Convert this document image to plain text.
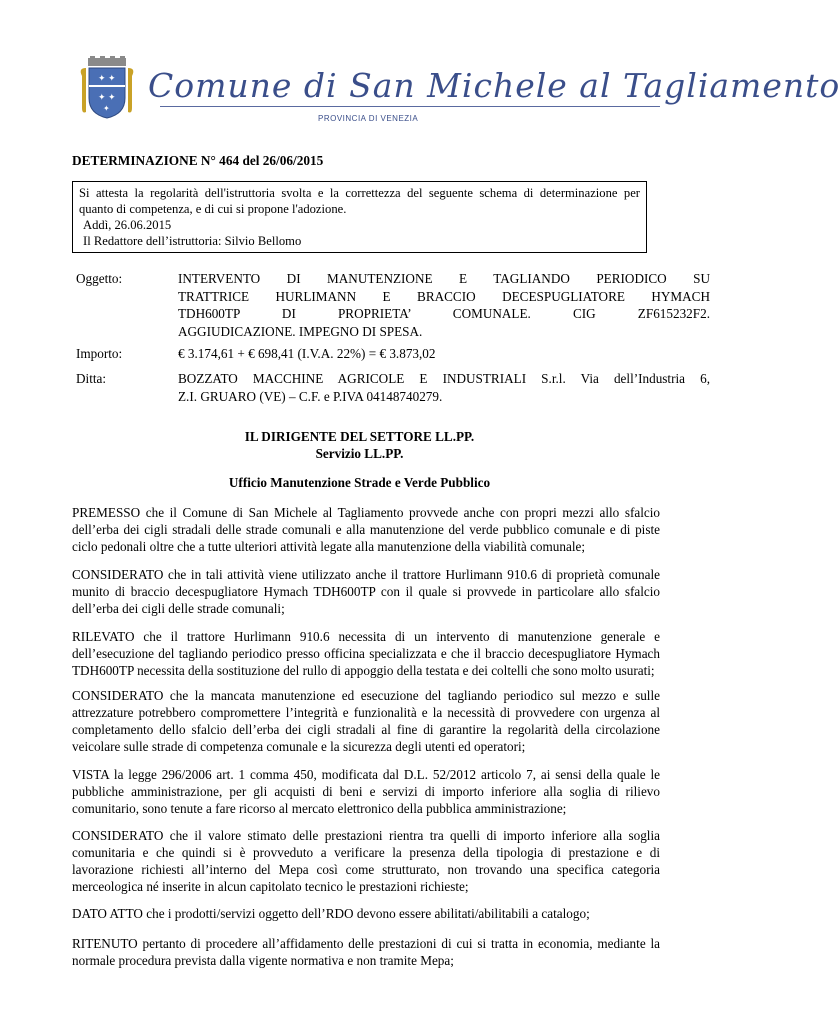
✦ ✦
✦ ✦
✦
Comune di San Michele al Tagliamento
PROVINCIA DI VENEZIA
DETERMINAZIONE N° 464 del 26/06/2015
Si attesta la regolarità dell'istruttoria svolta e la correttezza del seguente schema di determinazione per
quanto di competenza, e di cui si propone l'adozione.
Addì, 26.06.2015
Il Redattore dell’istruttoria: Silvio Bellomo
Oggetto:	INTERVENTO DI MANUTENZIONE E TAGLIANDO PERIODICO SU
TRATTRICE HURLIMANN E BRACCIO DECESPUGLIATORE HYMACH
TDH600TP DI PROPRIETA’ COMUNALE. CIG ZF615232F2.
AGGIUDICAZIONE. IMPEGNO DI SPESA.
Importo:	€ 3.174,61 + € 698,41 (I.V.A. 22%) = € 3.873,02
Ditta:	BOZZATO MACCHINE AGRICOLE E INDUSTRIALI S.r.l. Via dell’Industria 6,
Z.I. GRUARO (VE) – C.F. e P.IVA 04148740279.
IL DIRIGENTE DEL SETTORE LL.PP.
Servizio LL.PP.
Ufficio Manutenzione Strade e Verde Pubblico
PREMESSO che il Comune di San Michele al Tagliamento provvede anche con propri mezzi allo sfalcio
dell’erba dei cigli stradali delle strade comunali e alla manutenzione del verde pubblico comunale e di piste
ciclo pedonali oltre che a tutte ulteriori attività legate alla manutenzione della viabilità comunale;
CONSIDERATO che in tali attività viene utilizzato anche il trattore Hurlimann 910.6 di proprietà comunale
munito di braccio decespugliatore Hymach TDH600TP con il quale si provvede in particolare allo sfalcio
dell’erba dei cigli delle strade comunali;
RILEVATO che il trattore Hurlimann 910.6 necessita di un intervento di manutenzione generale e
dell’esecuzione del tagliando periodico presso officina specializzata e che il braccio decespugliatore Hymach
TDH600TP necessita della sostituzione del rullo di appoggio della testata e dei coltelli che sono molto usurati;
CONSIDERATO che la mancata manutenzione ed esecuzione del tagliando periodico sul mezzo e sulle
attrezzature potrebbero compromettere l’integrità e funzionalità e la necessità di provvedere con urgenza al
completamento dello sfalcio dell’erba dei cigli stradali al fine di garantire la regolarità della circolazione
veicolare sulle strade di competenza comunale e la sicurezza degli utenti ed operatori;
VISTA la legge 296/2006 art. 1 comma 450, modificata dal D.L. 52/2012 articolo 7, ai sensi della quale le
pubbliche amministrazione, per gli acquisti di beni e servizi di importo inferiore alla soglia di rilievo
comunitario, sono tenute a fare ricorso al mercato elettronico della pubblica amministrazione;
CONSIDERATO che il valore stimato delle prestazioni rientra tra quelli di importo inferiore alla soglia
comunitaria e che quindi si è provveduto a verificare la presenza della tipologia di prestazione e di
lavorazione richiesti all’interno del Mepa così come strutturato, non trovando una specifica categoria
merceologica né inserite in alcun capitolato tecnico le prestazioni richieste;
DATO ATTO che i prodotti/servizi oggetto dell’RDO devono essere abilitati/abilitabili a catalogo;
RITENUTO pertanto di procedere all’affidamento delle prestazioni di cui si tratta in economia, mediante la
normale procedura prevista dalla vigente normativa e non tramite Mepa;
